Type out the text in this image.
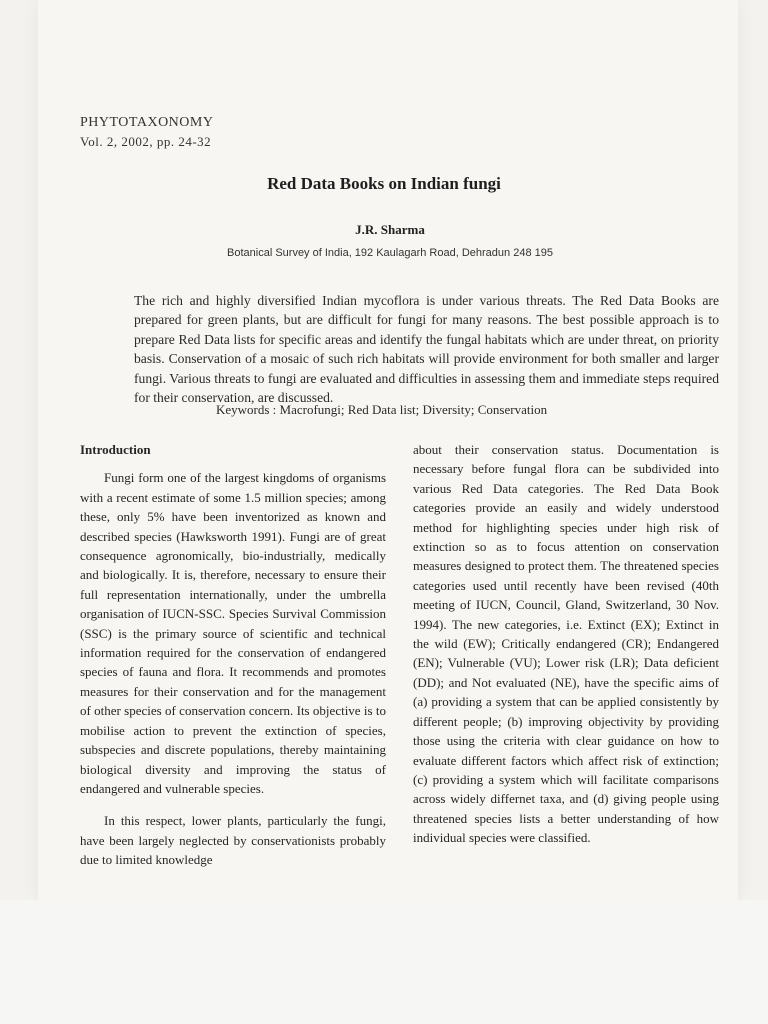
PHYTOTAXONOMY
Vol. 2, 2002, pp. 24-32
Red Data Books on Indian fungi
J.R. Sharma
Botanical Survey of India, 192 Kaulagarh Road, Dehradun 248 195
The rich and highly diversified Indian mycoflora is under various threats. The Red Data Books are prepared for green plants, but are difficult for fungi for many reasons. The best possible approach is to prepare Red Data lists for specific areas and identify the fungal habitats which are under threat, on priority basis. Conservation of a mosaic of such rich habitats will provide environment for both smaller and larger fungi. Various threats to fungi are evaluated and difficulties in assessing them and immediate steps required for their conservation, are discussed.
Keywords : Macrofungi; Red Data list; Diversity; Conservation
Introduction

Fungi form one of the largest kingdoms of organisms with a recent estimate of some 1.5 million species; among these, only 5% have been inventorized as known and described species (Hawksworth 1991). Fungi are of great consequence agronomically, bio-industrially, medically and biologically. It is, therefore, necessary to ensure their full representation internationally, under the umbrella organisation of IUCN-SSC. Species Survival Commission (SSC) is the primary source of scientific and technical information required for the conservation of endangered species of fauna and flora. It recommends and promotes measures for their conservation and for the management of other species of conservation concern. Its objective is to mobilise action to prevent the extinction of species, subspecies and discrete populations, thereby maintaining biological diversity and improving the status of endangered and vulnerable species.

In this respect, lower plants, particularly the fungi, have been largely neglected by conservationists probably due to limited knowledge

about their conservation status. Documentation is necessary before fungal flora can be subdivided into various Red Data categories. The Red Data Book categories provide an easily and widely understood method for highlighting species under high risk of extinction so as to focus attention on conservation measures designed to protect them. The threatened species categories used until recently have been revised (40th meeting of IUCN, Council, Gland, Switzerland, 30 Nov. 1994). The new categories, i.e. Extinct (EX); Extinct in the wild (EW); Critically endangered (CR); Endangered (EN); Vulnerable (VU); Lower risk (LR); Data deficient (DD); and Not evaluated (NE), have the specific aims of (a) providing a system that can be applied consistently by different people; (b) improving objectivity by providing those using the criteria with clear guidance on how to evaluate different factors which affect risk of extinction; (c) providing a system which will facilitate comparisons across widely differnet taxa, and (d) giving people using threatened species lists a better understanding of how individual species were classified.
